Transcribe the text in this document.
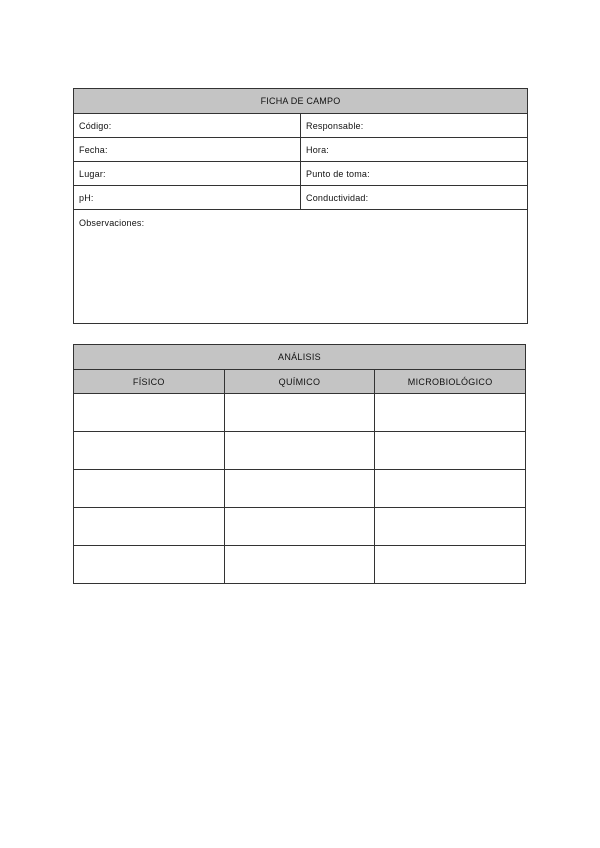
FICHA DE CAMPO	
Código:	Responsable:
Fecha:	Hora:
Lugar:	Punto de toma:
pH:	Conductividad:
Observaciones:	
ANÁLISIS		
FÍSICO	QUÍMICO	MICROBIOLÓGICO
